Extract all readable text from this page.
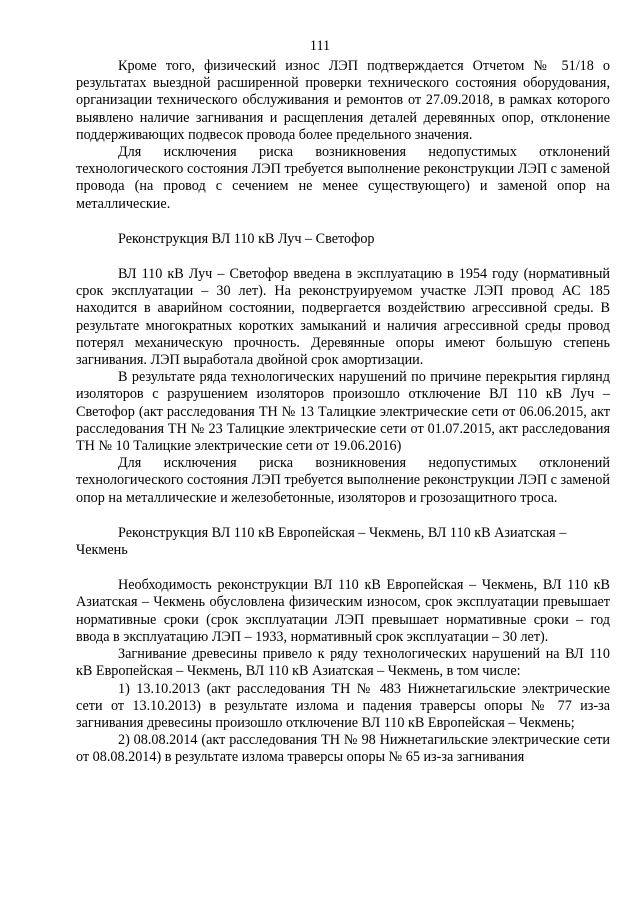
111

Кроме того, физический износ ЛЭП подтверждается Отчетом № 51/18 о результатах выездной расширенной проверки технического состояния оборудования, организации технического обслуживания и ремонтов от 27.09.2018, в рамках которого выявлено наличие загнивания и расщепления деталей деревянных опор, отклонение поддерживающих подвесок провода более предельного значения.

Для исключения риска возникновения недопустимых отклонений технологического состояния ЛЭП требуется выполнение реконструкции ЛЭП с заменой провода (на провод с сечением не менее существующего) и заменой опор на металлические.

Реконструкция ВЛ 110 кВ Луч – Светофор

ВЛ 110 кВ Луч – Светофор введена в эксплуатацию в 1954 году (нормативный срок эксплуатации – 30 лет). На реконструируемом участке ЛЭП провод АС 185 находится в аварийном состоянии, подвергается воздействию агрессивной среды. В результате многократных коротких замыканий и наличия агрессивной среды провод потерял механическую прочность. Деревянные опоры имеют большую степень загнивания. ЛЭП выработала двойной срок амортизации.

В результате ряда технологических нарушений по причине перекрытия гирлянд изоляторов с разрушением изоляторов произошло отключение ВЛ 110 кВ Луч – Светофор (акт расследования ТН № 13 Талицкие электрические сети от 06.06.2015, акт расследования ТН № 23 Талицкие электрические сети от 01.07.2015, акт расследования ТН № 10 Талицкие электрические сети от 19.06.2016)

Для исключения риска возникновения недопустимых отклонений технологического состояния ЛЭП требуется выполнение реконструкции ЛЭП с заменой опор на металлические и железобетонные, изоляторов и грозозащитного троса.

Реконструкция ВЛ 110 кВ Европейская – Чекмень, ВЛ 110 кВ Азиатская – Чекмень

Необходимость реконструкции ВЛ 110 кВ Европейская – Чекмень, ВЛ 110 кВ Азиатская – Чекмень обусловлена физическим износом, срок эксплуатации превышает нормативные сроки (срок эксплуатации ЛЭП превышает нормативные сроки – год ввода в эксплуатацию ЛЭП – 1933, нормативный срок эксплуатации – 30 лет).

Загнивание древесины привело к ряду технологических нарушений на ВЛ 110 кВ Европейская – Чекмень, ВЛ 110 кВ Азиатская – Чекмень, в том числе:

1) 13.10.2013 (акт расследования ТН № 483 Нижнетагильские электрические сети от 13.10.2013) в результате излома и падения траверсы опоры № 77 из-за загнивания древесины произошло отключение ВЛ 110 кВ Европейская – Чекмень;

2) 08.08.2014 (акт расследования ТН № 98 Нижнетагильские электрические сети от 08.08.2014) в результате излома траверсы опоры № 65 из-за загнивания
